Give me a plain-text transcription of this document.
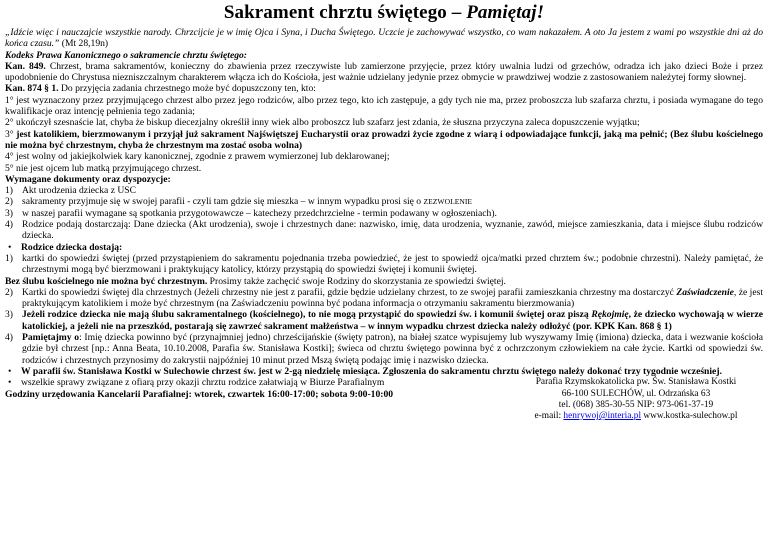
Sakrament chrztu świętego – Pamiętaj!

„Idźcie więc i nauczajcie wszystkie narody. Chrzcijcie je w imię Ojca i Syna, i Ducha Świętego. Uczcie je zachowywać wszystko, co wam nakazałem. A oto Ja jestem z wami po wszystkie dni aż do końca czasu.” (Mt 28,19n)

Kodeks Prawa Kanonicznego o sakramencie chrztu świętego:

Kan. 849. Chrzest, brama sakramentów, konieczny do zbawienia przez rzeczywiste lub zamierzone przyjęcie, przez który uwalnia ludzi od grzechów, odradza ich jako dzieci Boże i przez upodobnienie do Chrystusa niezniszczalnym charakterem włącza ich do Kościoła, jest ważnie udzielany jedynie przez obmycie w prawdziwej wodzie z zastosowaniem należytej formy słownej.

Kan. 874 § 1. Do przyjęcia zadania chrzestnego może być dopuszczony ten, kto:

1° jest wyznaczony przez przyjmującego chrzest albo przez jego rodziców, albo przez tego, kto ich zastępuje, a gdy tych nie ma, przez proboszcza lub szafarza chrztu, i posiada wymagane do tego kwalifikacje oraz intencję pełnienia tego zadania;

2° ukończył szesnaście lat, chyba że biskup diecezjalny określił inny wiek albo proboszcz lub szafarz jest zdania, że słuszna przyczyna zaleca dopuszczenie wyjątku;

3° jest katolikiem, bierzmowanym i przyjął już sakrament Najświętszej Eucharystii oraz prowadzi życie zgodne z wiarą i odpowiadające funkcji, jaką ma pełnić; (Bez ślubu kościelnego nie można być chrzestnym, chyba że chrzestnym ma zostać osoba wolna)

4° jest wolny od jakiejkolwiek kary kanonicznej, zgodnie z prawem wymierzonej lub deklarowanej;

5° nie jest ojcem lub matką przyjmującego chrzest.

Wymagane dokumenty oraz dyspozycje:

1) Akt urodzenia dziecka z USC
2) sakramenty przyjmuje się w swojej parafii - czyli tam gdzie się mieszka – w innym wypadku prosi się o ZEZWOLENIE
3) w naszej parafii wymagane są spotkania przygotowawcze – katechezy przedchrzcielne - termin podawany w ogłoszeniach).
4) Rodzice podają dostarczają: Dane dziecka (Akt urodzenia), swoje i chrzestnych dane: nazwisko, imię, data urodzenia, wyznanie, zawód, miejsce zamieszkania, data i miejsce ślubu rodziców dziecka.
•	Rodzice dziecka dostają:
1) kartki do spowiedzi świętej (przed przystąpieniem do sakramentu pojednania trzeba powiedzieć, że jest to spowiedź ojca/matki przed chrztem św.; podobnie chrzestni). Należy pamiętać, że chrzestnymi mogą być bierzmowani i praktykujący katolicy, którzy przystąpią do spowiedzi świętej i komunii świętej.

Bez ślubu kościelnego nie można być chrzestnym. Prosimy także zachęcić swoje Rodziny do skorzystania ze spowiedzi świętej.

2) Kartki do spowiedzi świętej dla chrzestnych (Jeżeli chrzestny nie jest z parafii, gdzie będzie udzielany chrzest, to ze swojej parafii zamieszkania chrzestny ma dostarczyć Zaświadczenie, że jest praktykującym katolikiem i może być chrzestnym (na Zaświadczeniu powinna być podana informacja o otrzymaniu sakramentu bierzmowania)
3) Jeżeli rodzice dziecka nie mają ślubu sakramentalnego (kościelnego), to nie mogą przystąpić do spowiedzi św. i komunii świętej oraz piszą Rękojmię, że dziecko wychowają w wierze katolickiej, a jeżeli nie na przeszkód, postarają się zawrzeć sakrament małżeństwa – w innym wypadku chrzest dziecka należy odłożyć (por. KPK Kan. 868 § 1)
4) Pamiętajmy o: Imię dziecka powinno być (przynajmniej jedno) chrześcijańskie (święty patron), na białej szatce wypisujemy lub wyszywamy Imię (imiona) dziecka, data i wezwanie kościoła gdzie był chrzest [np.: Anna Beata, 10.10.2008, Parafia św. Stanisława Kostki]; świeca od chrztu świętego powinna być z ochrzczonym człowiekiem na całe życie. Kartki od spowiedzi św. rodziców i chrzestnych przynosimy do zakrystii najpóźniej 10 minut przed Mszą świętą podając imię i nazwisko dziecka.
•	W parafii św. Stanisława Kostki w Sulechowie chrzest św. jest w 2-gą niedzielę miesiąca. Zgłoszenia do sakramentu chrztu świętego należy dokonać trzy tygodnie wcześniej.
Parafia Rzymskokatolicka pw. Św. Stanisława Kostki
66-100 SULECHÓW, ul. Odrzańska 63
tel. (068) 385-30-55 NIP: 973-061-37-19
e-mail: henrywoj@interia.pl www.kostka-sulechow.pl
•	wszelkie sprawy związane z ofiarą przy okazji chrztu rodzice załatwiają w Biurze Parafialnym

Godziny urzędowania Kancelarii Parafialnej: wtorek, czwartek 16:00-17:00; sobota 9:00-10:00
